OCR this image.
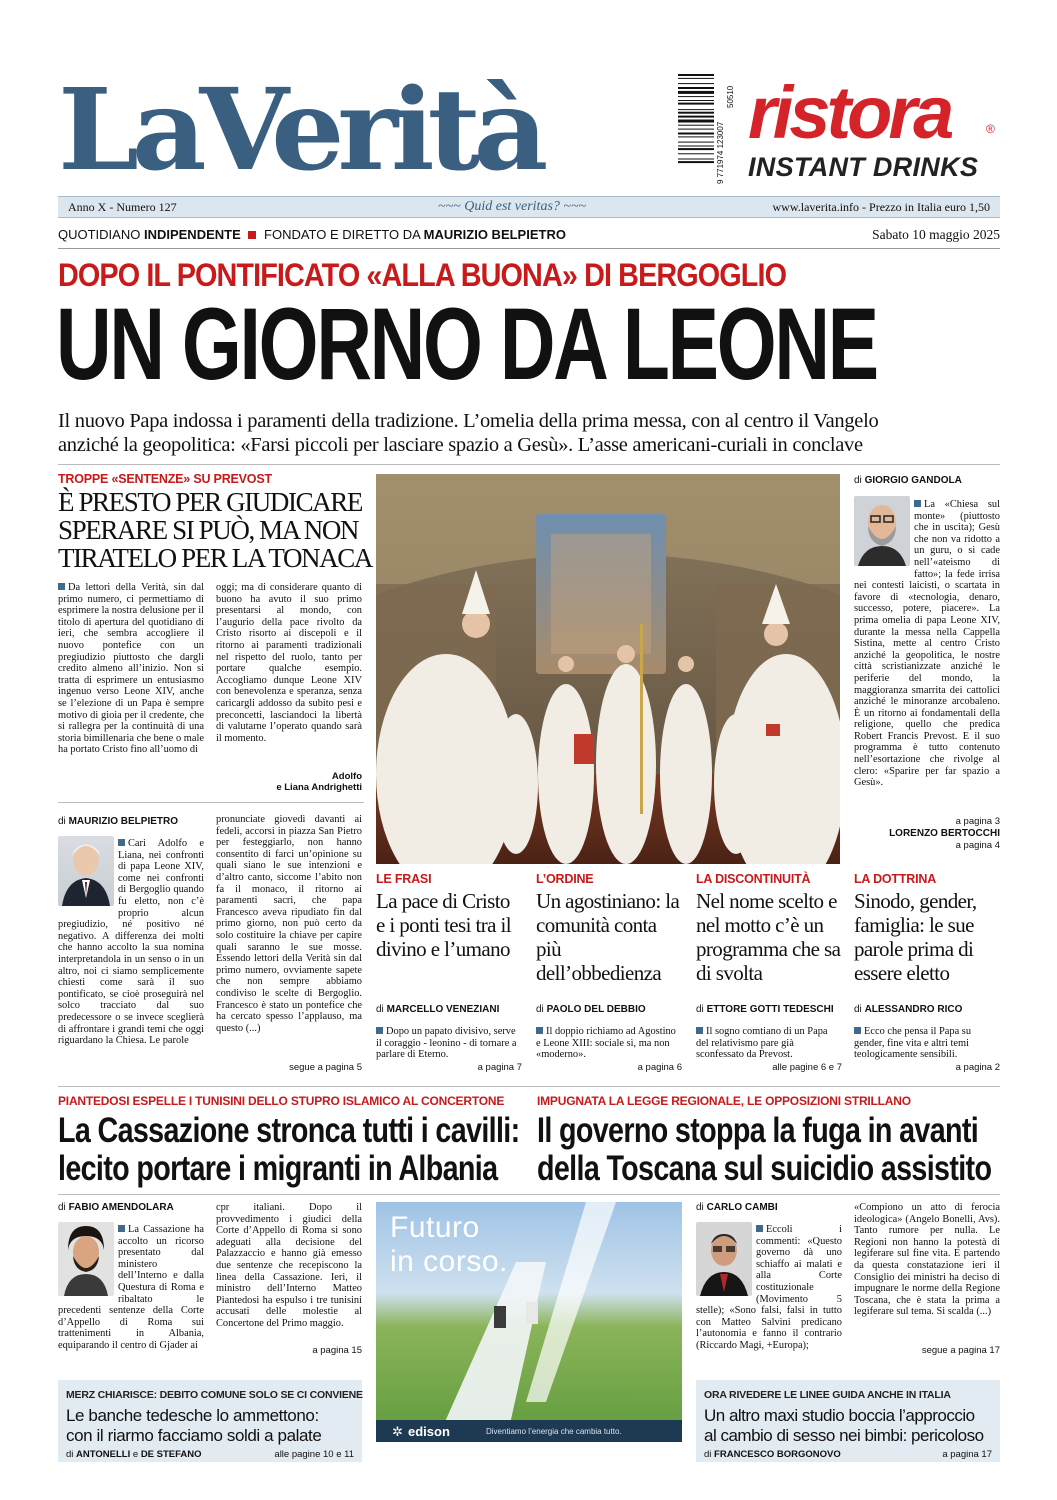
LaVerità	9 771974 123007
50510 ristora	®
INSTANT DRINKS
Anno X - Numero 127	~~~ Quid est veritas? ~~~	www.laverita.info - Prezzo in Italia euro 1,50
QUOTIDIANO INDIPENDENTE FONDATO E DIRETTO DA MAURIZIO BELPIETRO	Sabato 10 maggio 2025
DOPO IL PONTIFICATO «ALLA BUONA» DI BERGOGLIO
UN GIORNO DA LEONE
Il nuovo Papa indossa i paramenti della tradizione. L’omelia della prima messa, con al centro il Vangelo
anziché la geopolitica: «Farsi piccoli per lasciare spazio a Gesù». L’asse americani-curiali in conclave
TROPPE «SENTENZE» SU PREVOST
È PRESTO PER GIUDICARE
SPERARE SI PUÒ, MA NON
TIRATELO PER LA TONACA
Da lettori della Verità, sin dal primo numero, ci permettiamo di esprimere la nostra delusione per il titolo di apertura del quotidiano di ieri, che sembra accogliere il nuovo pontefice con un pregiudizio piuttosto che dargli credito almeno all’inizio. Non si tratta di esprimere un entusiasmo ingenuo verso Leone XIV, anche se l’elezione di un Papa è sempre motivo di gioia per il credente, che si rallegra per la continuità di una storia bimillenaria che bene o male ha portato Cristo fino all’uomo di
oggi; ma di considerare quanto di buono ha avuto il suo primo presentarsi al mondo, con l’augurio della pace rivolto da Cristo risorto ai discepoli e il ritorno ai paramenti tradizionali nel rispetto del ruolo, tanto per portare qualche esempio. Accogliamo dunque Leone XIV con benevolenza e speranza, senza caricargli addosso da subito pesi e preconcetti, lasciandoci la libertà di valutarne l’operato quando sarà il momento.
Adolfo
e Liana Andrighetti
di MAURIZIO BELPIETRO
Cari Adolfo e Liana, nei confronti di papa Leone XIV, come nei confronti di Bergoglio quando fu eletto, non c’è proprio alcun pregiudizio, né positivo né negativo. A differenza dei molti che hanno accolto la sua nomina interpretandola in un senso o in un altro, noi ci siamo semplicemente chiesti come sarà il suo pontificato, se cioè proseguirà nel solco tracciato dal suo predecessore o se invece sceglierà di affrontare i grandi temi che oggi riguardano la Chiesa. Le parole
pronunciate giovedì davanti ai fedeli, accorsi in piazza San Pietro per festeggiarlo, non hanno consentito di farci un’opinione su quali siano le sue intenzioni e d’altro canto, siccome l’abito non fa il monaco, il ritorno ai paramenti sacri, che papa Francesco aveva ripudiato fin dal primo giorno, non può certo da solo costituire la chiave per capire quali saranno le sue mosse. Essendo lettori della Verità sin dal primo numero, ovviamente sapete che non sempre abbiamo condiviso le scelte di Bergoglio. Francesco è stato un pontefice che ha cercato spesso l’applauso, ma questo (...)
segue a pagina 5
di GIORGIO GANDOLA
La «Chiesa sul monte» (piuttosto che in uscita); Gesù che non va ridotto a un guru, o si cade nell’«ateismo di fatto»; la fede irrisa nei contesti laicisti, o scartata in favore di «tecnologia, denaro, successo, potere, piacere». La prima omelia di papa Leone XIV, durante la messa nella Cappella Sistina, mette al centro Cristo anziché la geopolitica, le nostre città scristianizzate anziché le periferie del mondo, la maggioranza smarrita dei cattolici anziché le minoranze arcobaleno. È un ritorno ai fondamentali della religione, quello che predica Robert Francis Prevost. E il suo programma è tutto contenuto nell’esortazione che rivolge al clero: «Sparire per far spazio a Gesù».
a pagina 3
LORENZO BERTOCCHI
a pagina 4
LE FRASI
La pace di Cristo e i ponti tesi tra il divino e l’umano
di MARCELLO VENEZIANI
Dopo un papato divisivo, serve il coraggio - leonino - di tornare a parlare di Eterno.
a pagina 7
L’ORDINE
Un agostiniano: la comunità conta più dell’obbedienza
di PAOLO DEL DEBBIO
Il doppio richiamo ad Agostino e Leone XIII: sociale sì, ma non «moderno».
a pagina 6
LA DISCONTINUITÀ
Nel nome scelto e nel motto c’è un programma che sa di svolta
di ETTORE GOTTI TEDESCHI
Il sogno comtiano di un Papa del relativismo pare già sconfessato da Prevost.
alle pagine 6 e 7
LA DOTTRINA
Sinodo, gender, famiglia: le sue parole prima di essere eletto
di ALESSANDRO RICO
Ecco che pensa il Papa su gender, fine vita e altri temi teologicamente sensibili.
a pagina 2
PIANTEDOSI ESPELLE I TUNISINI DELLO STUPRO ISLAMICO AL CONCERTONE
La Cassazione stronca tutti i cavilli:
lecito portare i migranti in Albania
IMPUGNATA LA LEGGE REGIONALE, LE OPPOSIZIONI STRILLANO
Il governo stoppa la fuga in avanti
della Toscana sul suicidio assistito
di FABIO AMENDOLARA
La Cassazione ha accolto un ricorso presentato dal ministero dell’Interno e dalla Questura di Roma e ribaltato le precedenti sentenze della Corte d’Appello di Roma sui trattenimenti in Albania, equiparando il centro di Gjader ai
cpr italiani. Dopo il provvedimento i giudici della Corte d’Appello di Roma si sono adeguati alla decisione del Palazzaccio e hanno già emesso due sentenze che recepiscono la linea della Cassazione. Ieri, il ministro dell’Interno Matteo Piantedosi ha espulso i tre tunisini accusati delle molestie al Concertone del Primo maggio.
a pagina 15
di CARLO CAMBI
Eccoli i commenti: «Questo governo dà uno schiaffo ai malati e alla Corte costituzionale (Movimento 5 stelle); «Sono falsi, falsi in tutto con Matteo Salvini predicano l’autonomia e fanno il contrario (Riccardo Magi, +Europa);
«Compiono un atto di ferocia ideologica» (Angelo Bonelli, Avs). Tanto rumore per nulla. Le Regioni non hanno la potestà di legiferare sul fine vita. E partendo da questa constatazione ieri il Consiglio dei ministri ha deciso di impugnare le norme della Regione Toscana, che è stata la prima a legiferare sul tema. Si scalda (...)
segue a pagina 17
Futuro
in corso.
✲ edison	Diventiamo l’energia che cambia tutto.
MERZ CHIARISCE: DEBITO COMUNE SOLO SE CI CONVIENE
Le banche tedesche lo ammettono:
con il riarmo facciamo soldi a palate
di ANTONELLI e DE STEFANO	alle pagine 10 e 11
ORA RIVEDERE LE LINEE GUIDA ANCHE IN ITALIA
Un altro maxi studio boccia l’approccio
al cambio di sesso nei bimbi: pericoloso
di FRANCESCO BORGONOVO	a pagina 17
